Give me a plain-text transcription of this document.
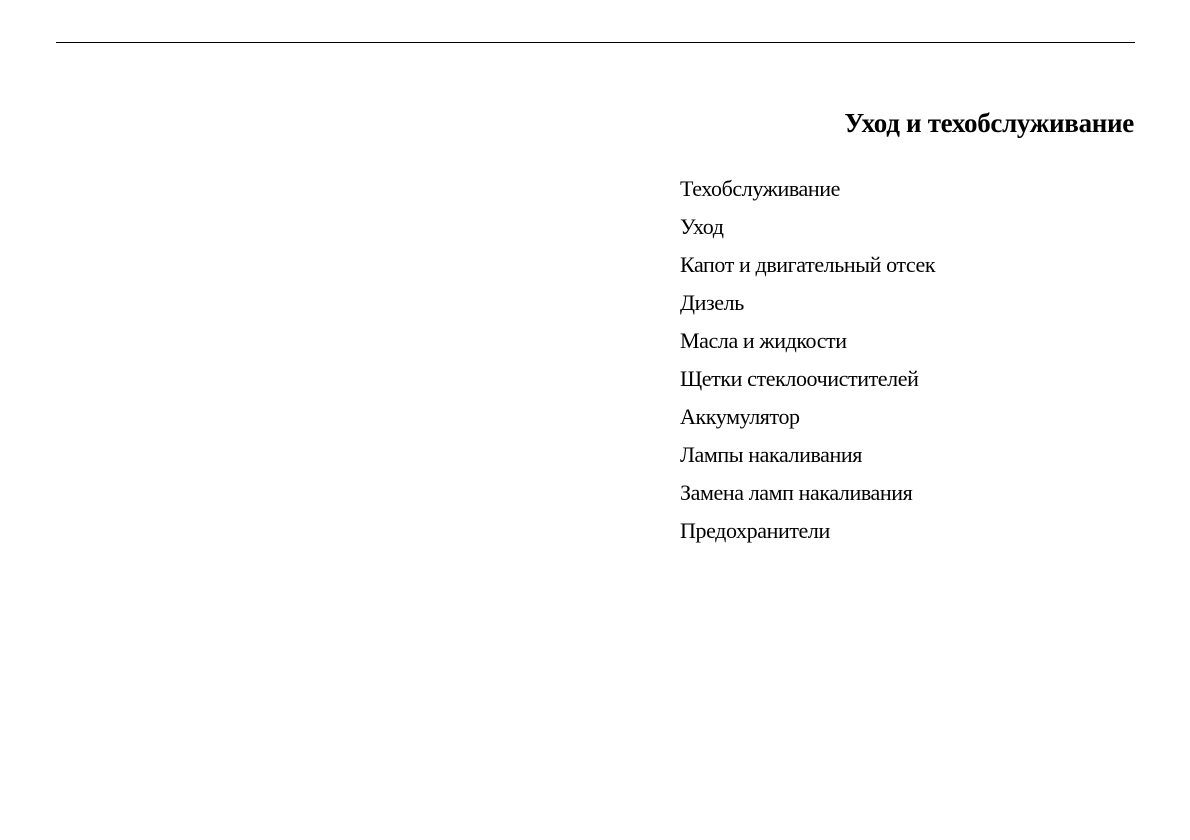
Уход и техобслуживание
Техобслуживание
Уход
Капот и двигательный отсек
Дизель
Масла и жидкости
Щетки стеклоочистителей
Аккумулятор
Лампы накаливания
Замена ламп накаливания
Предохранители
